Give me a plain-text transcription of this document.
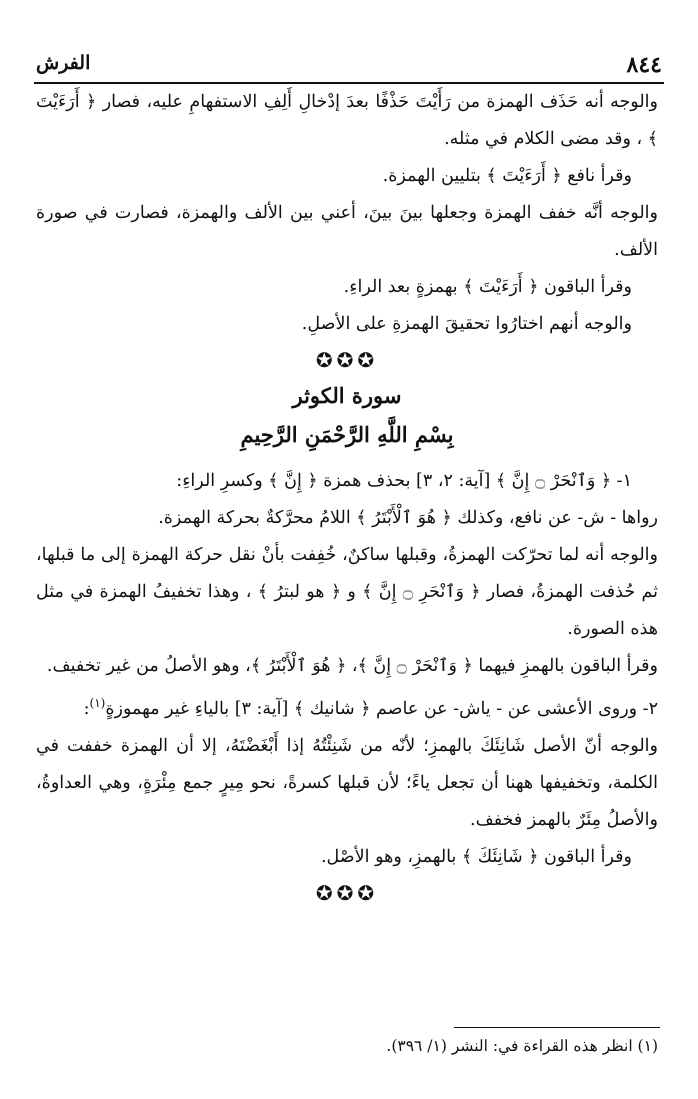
٨٤٤
الفرش

والوجه أنه حَذَف الهمزة من رَأَيْتَ حَذْفًا بعدَ إدْخالِ أَلِفِ الاستفهامِ عليه، فصار ﴿ أَرَءَيْتَ ﴾ ، وقد مضى الكلام في مثله.

وقرأ نافع ﴿ أَرَءَيْتَ ﴾ بتليين الهمزة.

والوجه أنَّه خفف الهمزة وجعلها بينَ بينَ، أعني بين الألف والهمزة، فصارت في صورة الألف.

وقرأ الباقون ﴿ أَرَءَيْتَ ﴾ بهمزةٍ بعد الراءِ.

والوجه أنهم اختارُوا تحقيقَ الهمزةِ على الأصلِ.

✪✪✪
سورة الكوثر
بِسْمِ اللَّهِ الرَّحْمَنِ الرَّحِيمِ

١- ﴿ وَٱنْحَرْ ۝ إِنَّ ﴾ [آية: ٢، ٣] بحذف همزة ﴿ إِنَّ ﴾ وكسرِ الراءِ:

رواها - ش- عن نافع، وكذلك ﴿ هُوَ ٱلْأَبْتَرُ ﴾ اللامُ محرَّكةٌ بحركة الهمزة.

والوجه أنه لما تحرّكت الهمزةُ، وقبلها ساكنٌ، خُفِفت بأنْ نقل حركة الهمزة إلى ما قبلها، ثم حُذفت الهمزةُ، فصار ﴿ وَٱنْحَرِ ۝ إِنَّ ﴾ و ﴿ هو لبترُ ﴾ ، وهذا تخفيفُ الهمزة في مثل هذه الصورة.

وقرأ الباقون بالهمزِ فيهما ﴿ وَٱنْحَرْ ۝ إِنَّ ﴾، ﴿ هُوَ ٱلْأَبْتَرُ ﴾، وهو الأصلُ من غير تخفيف.

٢- وروى الأعشى عن - ياش- عن عاصم ﴿ شانيك ﴾ [آية: ٣] بالياءِ غير مهموزةٍ$^{(١)}$:

والوجه أنّ الأصل شَانِئَكَ بالهمزِ؛ لأنّه من شَنِئْتُهُ إذا أَبْغَضْتَهُ، إلا أن الهمزة خففت في الكلمة، وتخفيفها ههنا أن تجعل ياءً؛ لأن قبلها كسرةً، نحو مِيرٍ جمع مِئْرَةٍ، وهي العداوةُ، والأصلُ مِئَرٌ بالهمز فخفف.

وقرأ الباقون ﴿ شَانِئَكَ ﴾ بالهمزِ، وهو الأصْل.

✪✪✪
(١) انظر هذه القراءة في: النشر (١/ ٣٩٦).
